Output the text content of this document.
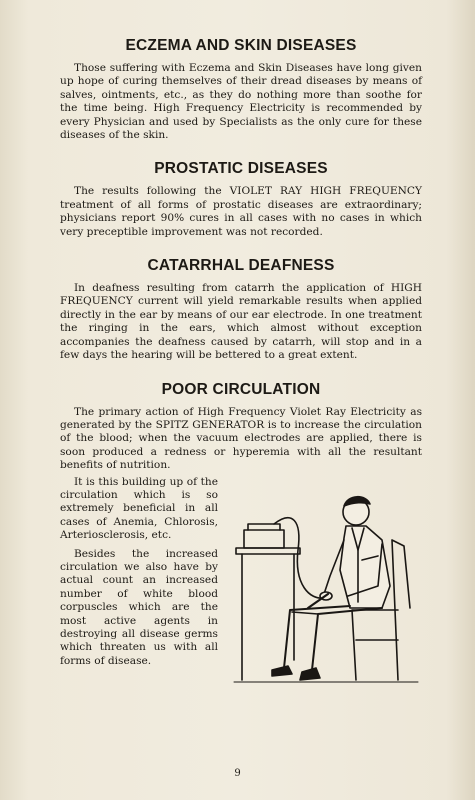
ECZEMA AND SKIN DISEASES

Those suffering with Eczema and Skin Diseases have long given up hope of curing themselves of their dread diseases by means of salves, ointments, etc., as they do nothing more than soothe for the time being. High Frequency Electricity is recommended by every Physician and used by Specialists as the only cure for these diseases of the skin.

PROSTATIC DISEASES

The results following the VIOLET RAY HIGH FREQUENCY treatment of all forms of prostatic diseases are extraordinary; physicians report 90% cures in all cases with no cases in which very preceptible improvement was not recorded.

CATARRHAL DEAFNESS

In deafness resulting from catarrh the application of HIGH FREQUENCY current will yield remarkable results when applied directly in the ear by means of our ear electrode. In one treatment the ringing in the ears, which almost without exception accompanies the deafness caused by catarrh, will stop and in a few days the hearing will be bettered to a great extent.

POOR CIRCULATION

The primary action of High Frequency Violet Ray Electricity as generated by the SPITZ GENERATOR is to increase the circulation of the blood; when the vacuum electrodes are applied, there is soon produced a redness or hyperemia with all the resultant benefits of nutrition.

It is this building up of the circulation which is so extremely beneficial in all cases of Anemia, Chlorosis, Arteriosclerosis, etc.

Besides the increased circulation we also have by actual count an increased number of white blood corpuscles which are the most active agents in destroying all disease germs which threaten us with all forms of disease.

9
